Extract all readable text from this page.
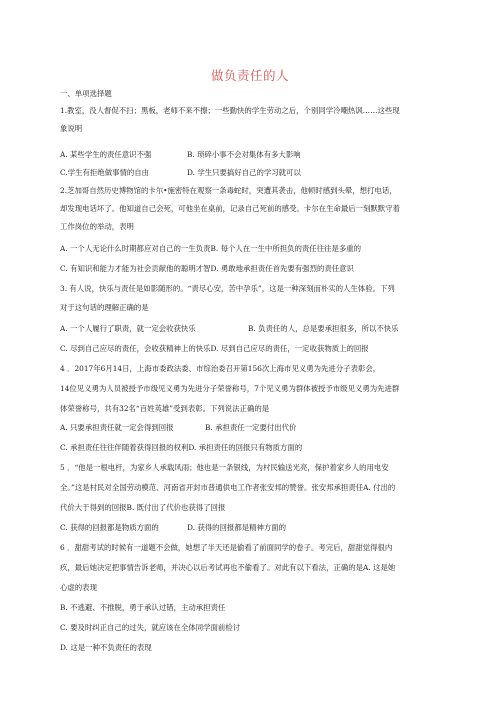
做负责任的人
一、单项选择题
1.教室，没人督促不扫；黑板，老师不来不擦；一些勤快的学生劳动之后，个别同学冷嘲热讽……这些现
象说明
A. 某些学生的责任意识不强	B. 琐碎小事不会对集体有多大影响
C.学生有拒绝做事情的自由	D. 学生只要搞好自己的学习就可以
2.芝加哥自然历史博物馆的卡尔•施密特在观察一条毒蛇时，突遭其袭击，他顿时感到头晕，想打电话，
却发现电话坏了。他知道自己会死，可他坐在桌前，记录自己死前的感受。卡尔在生命最后一刻默默守着
工作岗位的举动，表明
A. 一个人无论什么时期都应对自己的一生负责B. 每个人在一生中所担负的责任往往是多重的
C. 有知识和能力才能为社会贡献他的聪明才智D. 勇敢地承担责任首先要有强烈的责任意识
3. 有人说，快乐与责任是如影随形的。“责尽心安，苦中孕乐”，这是一种深刻而朴实的人生体验。下列
对于这句话的理解正确的是
A. 一个人履行了职责，就一定会收获快乐	B. 负责任的人，总是要承担很多，所以不快乐
C. 尽到自己应尽的责任，会收获精神上的快乐D. 尽到自己应尽的责任，一定收获物质上的回报
4 ．2017年6月14日，上海市委政法委、市综治委召开第156次上海市见义勇为先进分子表彰会，
14位见义勇为人员被授予市级见义勇为先进分子荣誉称号，7个见义勇为群体被授予市级见义勇为先进群
体荣誉称号，共有32名“百姓英雄”受到表彰。下列说法正确的是
A. 只要承担责任就一定会得到回报	B. 承担责任一定要付出代价
C. 承担责任往往伴随着获得回报的权利D. 承担责任的回报只有物质方面的
5 ．“他是一根电杆，为家乡人承载风雨；他也是一条银线，为村民输送光亮，保护着家乡人的用电安
全。”这是村民对全国劳动模范、河南省开封市普通供电工作者张安邦的赞誉。张安邦承担责任A. 付出的
代价大于得到的回报B. 既付出了代价也获得了回报
C. 获得的回报都是物质方面的	D. 获得的回报都是精神方面的
6 ．甜甜考试的时候有一道题不会做，她想了半天还是偷看了前面同学的卷子。考完后，甜甜觉得很内
疚，最后她决定把事情告诉老师，并决心以后考试再也不偷看了。对此有以下看法，正确的是A. 这是她
心虚的表现
B. 不逃避、不推脱，勇于承认过错，主动承担责任
C. 要及时纠正自己的过失，就应该在全体同学面前检讨
D. 这是一种不负责任的表现
